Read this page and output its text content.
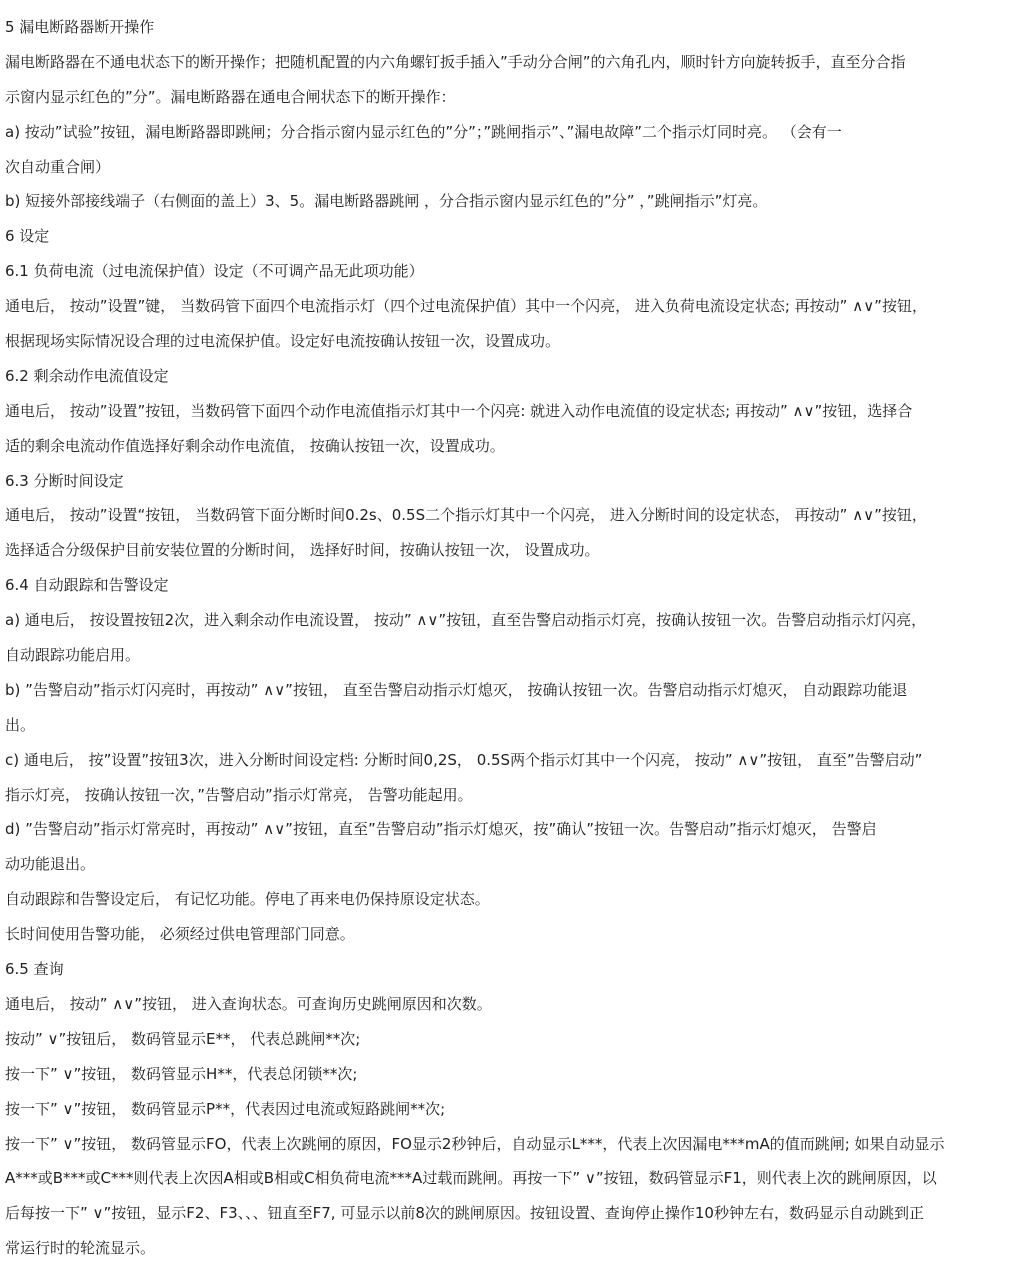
5 漏电断路器断开操作
漏电断路器在不通电状态下的断开操作；把随机配置的内六角螺钉扳手插入”手动分合闸”的六角孔内，顺时针方向旋转扳手，直至分合指
示窗内显示红色的”分”。漏电断路器在通电合闸状态下的断开操作：
a) 按动”试验”按钮，漏电断路器即跳闸；分合指示窗内显示红色的”分”；”跳闸指示”、”漏电故障”二个指示灯同时亮。 （会有一
次自动重合闸）
b) 短接外部接线端子（右侧面的盖上）3、5。漏电断路器跳闸 ，分合指示窗内显示红色的”分” ，”跳闸指示”灯亮。
6 设定
6.1 负荷电流（过电流保护值）设定（不可调产品无此项功能）
通电后， 按动”设置”键， 当数码管下面四个电流指示灯（四个过电流保护值）其中一个闪亮， 进入负荷电流设定状态; 再按动” ∧∨”按钮，
根据现场实际情况设合理的过电流保护值。设定好电流按确认按钮一次，设置成功。
6.2 剩余动作电流值设定
通电后， 按动”设置”按钮，当数码管下面四个动作电流值指示灯其中一个闪亮: 就进入动作电流值的设定状态; 再按动” ∧∨”按钮，选择合
适的剩余电流动作值选择好剩余动作电流值， 按确认按钮一次，设置成功。
6.3 分断时间设定
通电后， 按动”设置“按钮， 当数码管下面分断时间0.2s、0.5S二个指示灯其中一个闪亮， 进入分断时间的设定状态， 再按动” ∧∨”按钮，
选择适合分级保护目前安装位置的分断时间， 选择好时间，按确认按钮一次， 设置成功。
6.4 自动跟踪和告警设定
a) 通电后， 按设置按钮2次，进入剩余动作电流设置， 按动” ∧∨”按钮，直至告警启动指示灯亮，按确认按钮一次。告警启动指示灯闪亮，
自动跟踪功能启用。
b) ”告警启动”指示灯闪亮时，再按动” ∧∨”按钮， 直至告警启动指示灯熄灭， 按确认按钮一次。告警启动指示灯熄灭， 自动跟踪功能退
出。
c) 通电后， 按”设置”按钮3次，进入分断时间设定档: 分断时间0,2S， 0.5S两个指示灯其中一个闪亮， 按动” ∧∨”按钮， 直至”告警启动”
指示灯亮， 按确认按钮一次，”告警启动”指示灯常亮， 告警功能起用。
d) ”告警启动”指示灯常亮时，再按动” ∧∨”按钮，直至”告警启动”指示灯熄灭，按”确认”按钮一次。告警启动”指示灯熄灭， 告警启
动功能退出。
自动跟踪和告警设定后， 有记忆功能。停电了再来电仍保持原设定状态。
长时间使用告警功能， 必须经过供电管理部门同意。
6.5 查询
通电后， 按动” ∧∨”按钮， 进入查询状态。可查询历史跳闸原因和次数。
按动” ∨”按钮后， 数码管显示E**， 代表总跳闸**次;
按一下” ∨”按钮， 数码管显示H**，代表总闭锁**次;
按一下” ∨”按钮， 数码管显示P**，代表因过电流或短路跳闸**次;
按一下” ∨”按钮， 数码管显示FO，代表上次跳闸的原因，FO显示2秒钟后，自动显示L***，代表上次因漏电***mA的值而跳闸; 如果自动显示
A***或B***或C***则代表上次因A相或B相或C相负荷电流***A过载而跳闸。再按一下” ∨”按钮，数码管显示F1，则代表上次的跳闸原因，以
后每按一下” ∨”按钮，显示F2、F3、、、钮直至F7, 可显示以前8次的跳闸原因。按钮设置、查询停止操作10秒钟左右，数码显示自动跳到正
常运行时的轮流显示。
